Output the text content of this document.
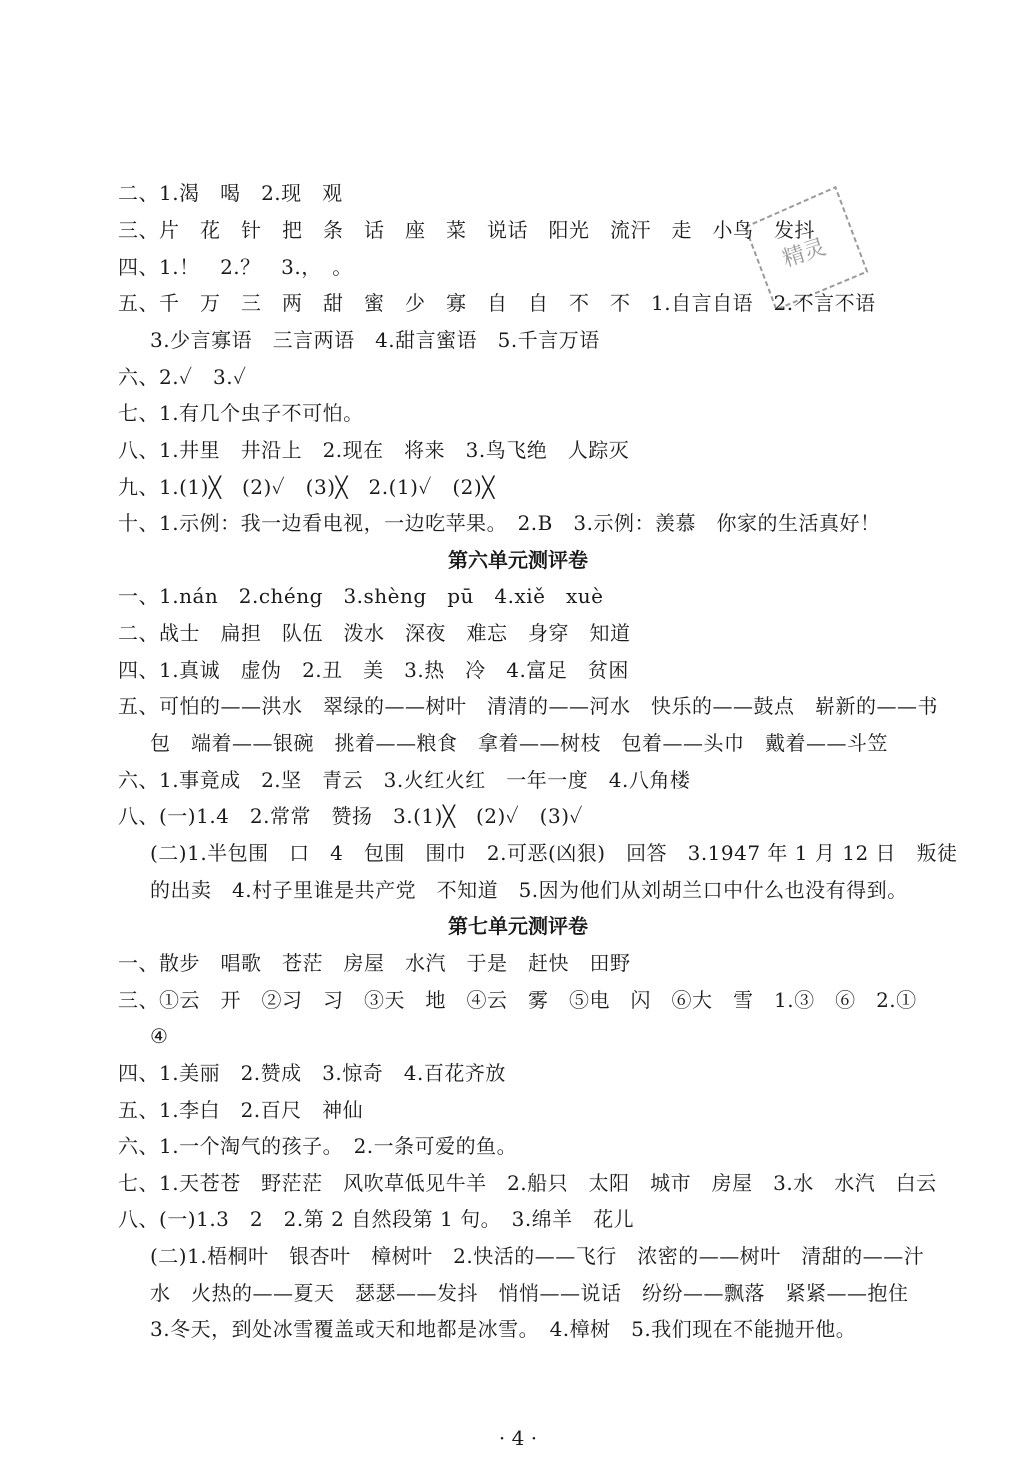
精灵
二、1.渴　喝　2.现　观
三、片　花　针　把　条　话　座　菜　说话　阳光　流汗　走　小鸟　发抖
四、1.！　2.？　3.，　。
五、千　万　三　两　甜　蜜　少　寡　自　自　不　不　1.自言自语　2.不言不语
3.少言寡语　三言两语　4.甜言蜜语　5.千言万语
六、2.✓　3.✓
七、1.有几个虫子不可怕。
八、1.井里　井沿上　2.现在　将来　3.鸟飞绝　人踪灭
九、1.(1)╳　(2)✓　(3)╳　2.(1)✓　(2)╳
十、1.示例：我一边看电视，一边吃苹果。　2.B　3.示例：羡慕　你家的生活真好！
第六单元测评卷
一、1.nán　2.chéng　3.shèng　pū　4.xiě　xuè
二、战士　扁担　队伍　泼水　深夜　难忘　身穿　知道
四、1.真诚　虚伪　2.丑　美　3.热　冷　4.富足　贫困
五、可怕的——洪水　翠绿的——树叶　清清的——河水　快乐的——鼓点　崭新的——书
包　端着——银碗　挑着——粮食　拿着——树枝　包着——头巾　戴着——斗笠
六、1.事竟成　2.坚　青云　3.火红火红　一年一度　4.八角楼
八、(一)1.4　2.常常　赞扬　3.(1)╳　(2)✓　(3)✓
(二)1.半包围　口　4　包围　围巾　2.可恶(凶狠)　回答　3.1947 年 1 月 12 日　叛徒
的出卖　4.村子里谁是共产党　不知道　5.因为他们从刘胡兰口中什么也没有得到。
第七单元测评卷
一、散步　唱歌　苍茫　房屋　水汽　于是　赶快　田野
三、①云　开　②习　习　③天　地　④云　雾　⑤电　闪　⑥大　雪　1.③　⑥　2.①
④
四、1.美丽　2.赞成　3.惊奇　4.百花齐放
五、1.李白　2.百尺　神仙
六、1.一个淘气的孩子。　2.一条可爱的鱼。
七、1.天苍苍　野茫茫　风吹草低见牛羊　2.船只　太阳　城市　房屋　3.水　水汽　白云
八、(一)1.3　2　2.第 2 自然段第 1 句。　3.绵羊　花儿
(二)1.梧桐叶　银杏叶　樟树叶　2.快活的——飞行　浓密的——树叶　清甜的——汁
水　火热的——夏天　瑟瑟——发抖　悄悄——说话　纷纷——飘落　紧紧——抱住
3.冬天，到处冰雪覆盖或天和地都是冰雪。　4.樟树　5.我们现在不能抛开他。
· 4 ·
